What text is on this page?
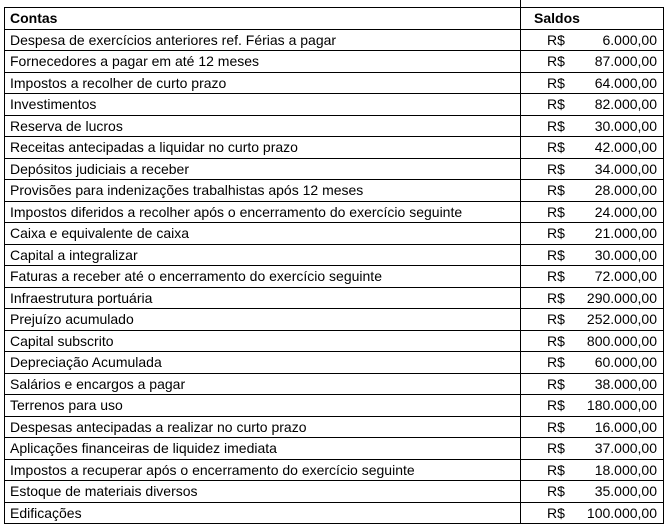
Contas	Saldos
Despesa de exercícios anteriores ref. Férias a pagar	R$ 6.000,00

Fornecedores a pagar em até 12 meses	R$ 87.000,00

Impostos a recolher de curto prazo	R$ 64.000,00

Investimentos	R$ 82.000,00

Reserva de lucros	R$ 30.000,00

Receitas antecipadas a liquidar no curto prazo	R$ 42.000,00

Depósitos judiciais a receber	R$ 34.000,00

Provisões para indenizações trabalhistas após 12 meses	R$ 28.000,00

Impostos diferidos a recolher após o encerramento do exercício seguinte	R$ 24.000,00

Caixa e equivalente de caixa	R$ 21.000,00

Capital a integralizar	R$ 30.000,00

Faturas a receber até o encerramento do exercício seguinte	R$ 72.000,00

Infraestrutura portuária	R$ 290.000,00

Prejuízo acumulado	R$ 252.000,00

Capital subscrito	R$ 800.000,00

Depreciação Acumulada	R$ 60.000,00

Salários e encargos a pagar	R$ 38.000,00

Terrenos para uso	R$ 180.000,00

Despesas antecipadas a realizar no curto prazo	R$ 16.000,00

Aplicações financeiras de liquidez imediata	R$ 37.000,00

Impostos a recuperar após o encerramento do exercício seguinte	R$ 18.000,00

Estoque de materiais diversos	R$ 35.000,00

Edificações	R$ 100.000,00
